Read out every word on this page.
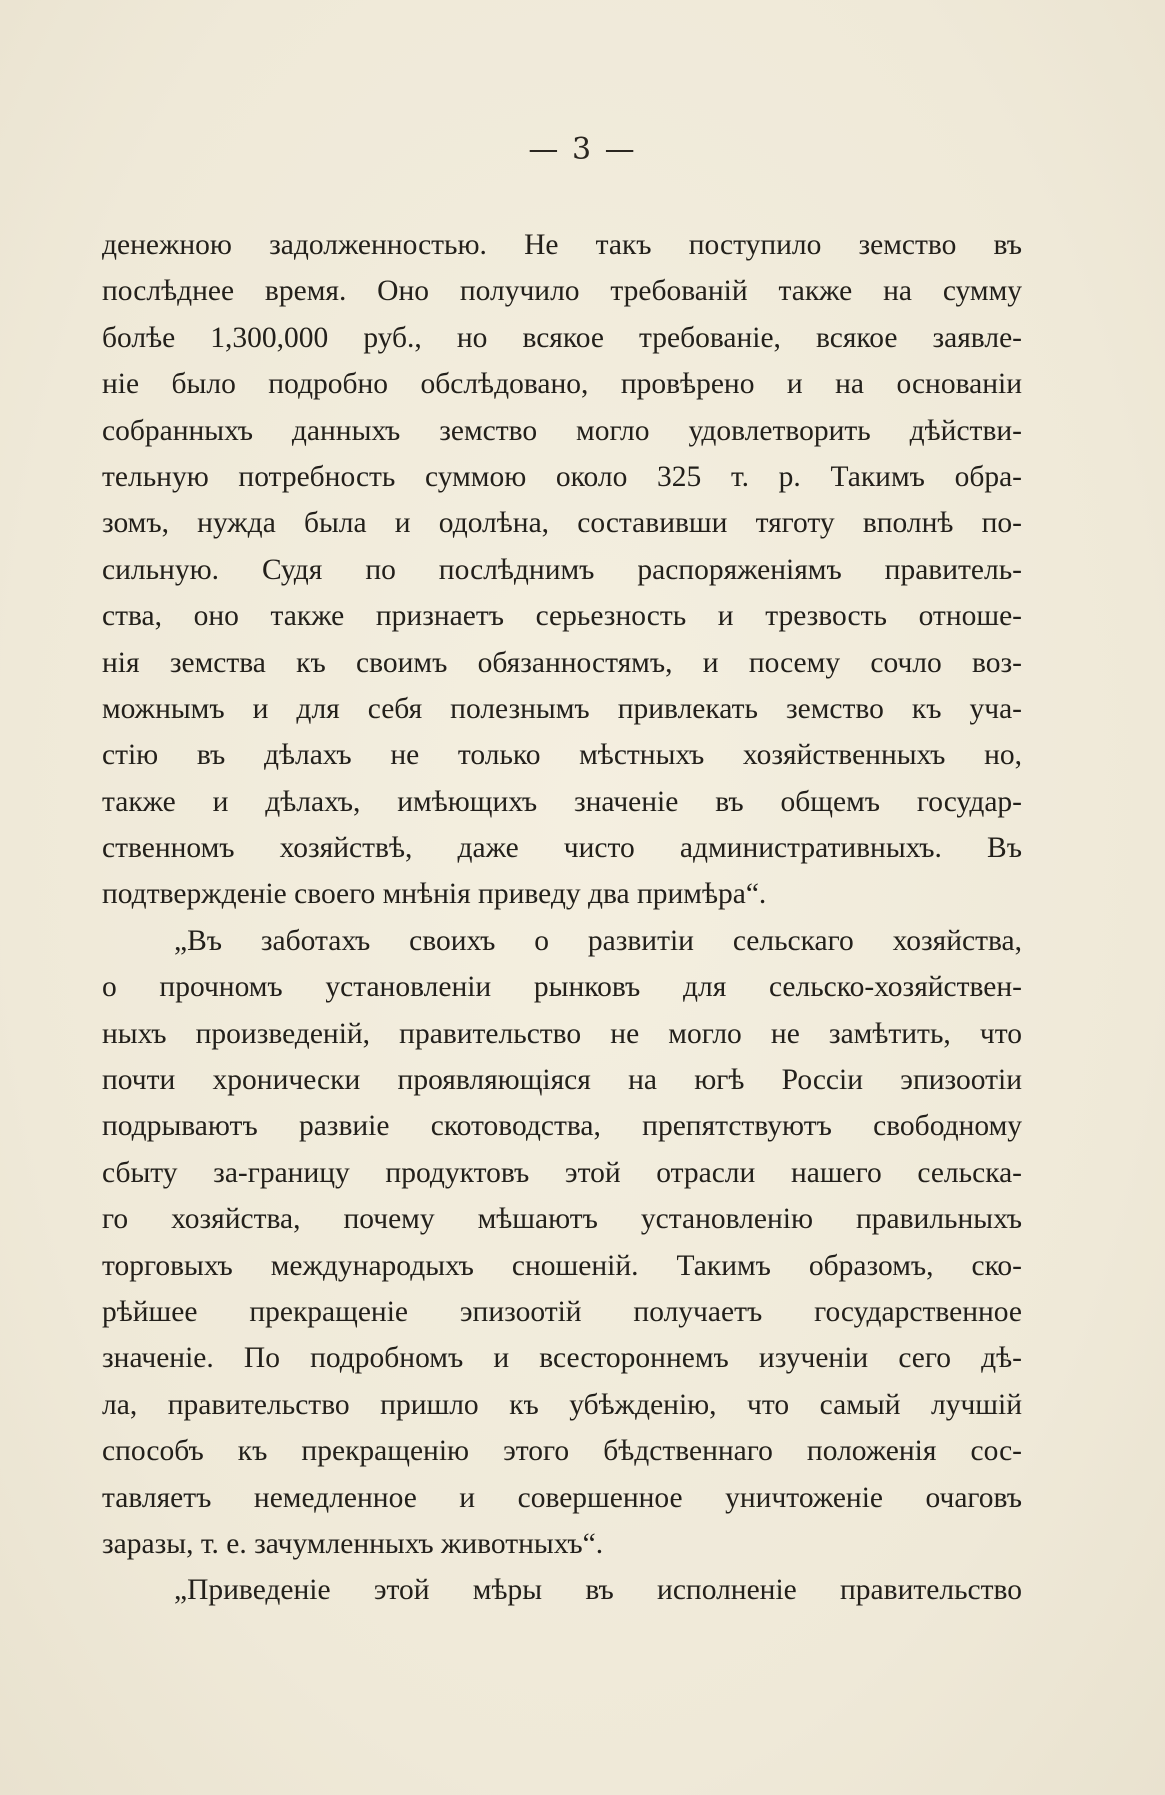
— 3 —
денежною задолженностью. Не такъ поступило земство въ
послѣднее время. Оно получило требованій также на сумму
болѣе 1,300,000 руб., но всякое требованіе, всякое заявле-
ніе было подробно обслѣдовано, провѣрено и на основаніи
собранныхъ данныхъ земство могло удовлетворить дѣйстви-
тельную потребность суммою около 325 т. р. Такимъ обра-
зомъ, нужда была и одолѣна, составивши тяготу вполнѣ по-
сильную. Судя по послѣднимъ распоряженіямъ правитель-
ства, оно также признаетъ серьезность и трезвость отноше-
нія земства къ своимъ обязанностямъ, и посему сочло воз-
можнымъ и для себя полезнымъ привлекать земство къ уча-
стію въ дѣлахъ не только мѣстныхъ хозяйственныхъ но,
также и дѣлахъ, имѣющихъ значеніе въ общемъ государ-
ственномъ хозяйствѣ, даже чисто административныхъ. Въ
подтвержденіе своего мнѣнія приведу два примѣра“.
„Въ заботахъ своихъ о развитіи сельскаго хозяйства,
о прочномъ установленіи рынковъ для сельско-хозяйствен-
ныхъ произведеній, правительство не могло не замѣтить, что
почти хронически проявляющіяся на югѣ Россіи эпизоотіи
подрываютъ развиіе скотоводства, препятствуютъ свободному
сбыту за-границу продуктовъ этой отрасли нашего сельска-
го хозяйства, почему мѣшаютъ установленію правильныхъ
торговыхъ международыхъ сношеній. Такимъ образомъ, ско-
рѣйшее прекращеніе эпизоотій получаетъ государственное
значеніе. По подробномъ и всестороннемъ изученіи сего дѣ-
ла, правительство пришло къ убѣжденію, что самый лучшій
способъ къ прекращенію этого бѣдственнаго положенія сос-
тавляетъ немедленное и совершенное уничтоженіе очаговъ
заразы, т. е. зачумленныхъ животныхъ“.
„Приведеніе этой мѣры въ исполненіе правительство
